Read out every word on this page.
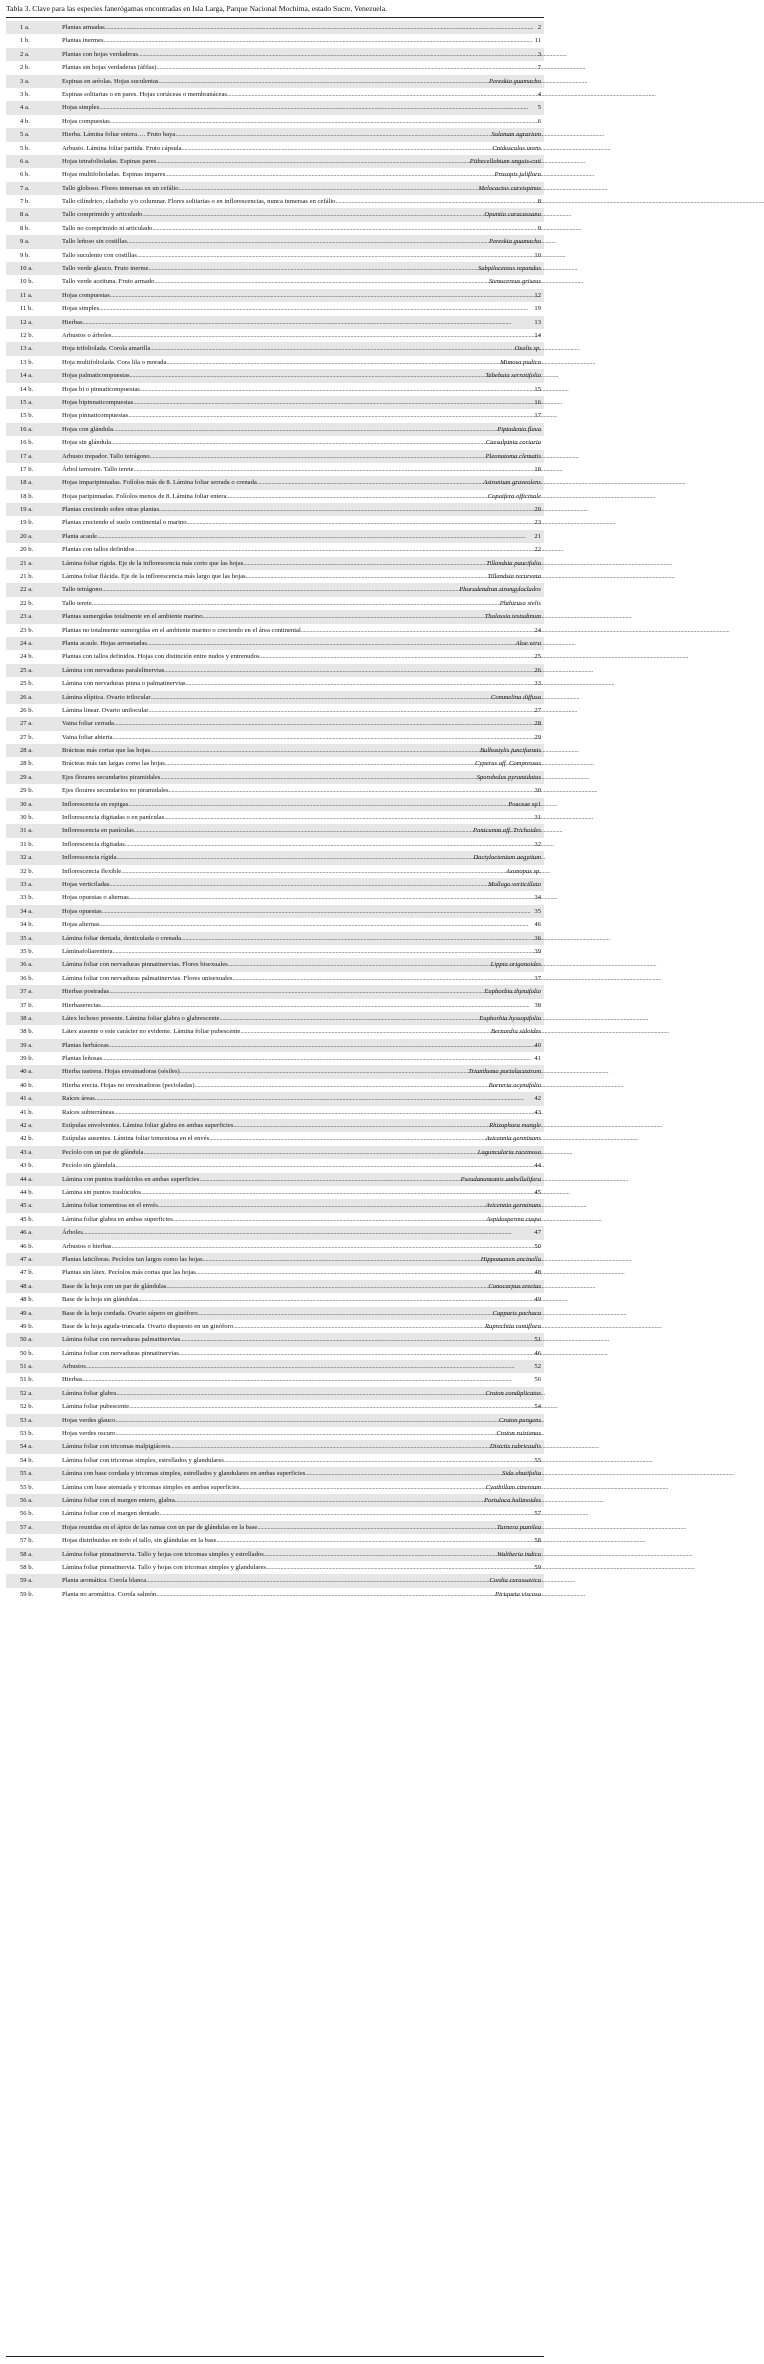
Tabla 3. Clave para las especies fanerógamas encontradas en Isla Larga, Parque Nacional Mochima, estado Sucre, Venezuela.
1 a.	Plantas armadas .....	2
1 b.	Plantas inermes .....	11
2 a.	Plantas con hojas verdaderas .....	3
2 b.	Plantas sin hojas verdaderas (áfilas) .....	7
3 a.	Espinas en aréolas. Hojas suculentas .....	Pereskia guamacho
3 b.	Espinas solitarias o en pares. Hojas coriáceas o membranáceas .....	4
4 a.	Hojas simples .....	5
4 b.	Hojas compuestas .....	6
5 a.	Hierba. Lámina foliar entera…. Fruto baya .....	Solanum agrarium
5 b.	Arbusto. Lámina foliar partida. Fruto cápsula .....	Cnidoscolus urens
6 a.	Hojas tetrafolioladas. Espinas pares .....	Pithecellobium unguis-cati
6 b.	Hojas multifolioladas. Espinas impares .....	Prosopis juliflora
7 a.	Tallo globoso. Flores inmersas en un cefálio .....	Melocactus curvispinus
7 b.	Tallo cilíndrico, cladodio y/o columnar. Flores solitarias o en inflorescencias, nunca inmersas en cefálio .....	8
8 a.	Tallo comprimido y articulado .....	Opuntia caracassana
8 b.	Tallo no comprimido ni articulado .....	9
9 a.	Tallo leñoso sin costillas .....	Pereskia guamacho
9 b.	Tallo suculento con costillas .....	10
10 a.	Tallo verde glauco. Fruto inerme .....	Subpilocereus repandus
10 b.	Tallo verde aceituna. Fruto armado .....	Stenocereus griseus
11 a.	Hojas compuestas .....	12
11 b.	Hojas simples .....	19
12 a.	Hierbas .....	13
12 b.	Arbustos o árboles .....	14
13 a.	Hoja trifoliolada. Corola amarilla .....	Oxalis sp.
13 b.	Hoja multifoliolada. Cora lila o morada .....	Mimosa pudica
14 a.	Hojas palmaticompuestas .....	Tabebuia serratifolia
14 b.	Hojas bi o pinnaticompuestas .....	15
15 a.	Hojas bipinnaticompuestas .....	16
15 b.	Hojas pinnaticompuestas .....	17
16 a.	Hojas con glándula .....	Piptadenia flava
16 b.	Hojas sin glándula .....	Caesalpinia coriaria
17 a.	Arbusto trepador. Tallo tetrágono .....	Pleonotoma clematis
17 b.	Árbol terrestre. Tallo terete .....	18
18 a.	Hojas imparipinnadas. Folíolos más de 8. Lámina foliar serrada o crenada .....	Astronium graveolens
18 b.	Hojas paripinnadas. Folíolos menos de 8. Lámina foliar entera .....	Copaifera officinale
19 a.	Plantas creciendo sobre otras plantas .....	20
19 b.	Plantas creciendo el suelo continental o marino .....	23
20 a.	Planta acaule .....	21
20 b.	Plantas con tallos definidos .....	22
21 a.	Lámina foliar rígida. Eje de la inflorescencia más corto que las hojas .....	Tillandsia paucifolia
21 b.	Lámina foliar flácida. Eje de la inflorescencia más largo que las hojas .....	Tillandsia recurvata
22 a.	Tallo tetrágono .....	Phoradendron strongyloclados
22 b.	Tallo terete .....	Phthirusa stelis
23 a.	Plantas sumergidas totalmente en el ambiente marino .....	Thalassia testudinum
23 b.	Plantas no totalmente sumergidas en el ambiente marino o creciendo en el área continental .....	24
24 a.	Planta acaule. Hojas arrosetadas .....	Aloe vera
24 b.	Plantas con tallos definidos. Hojas con distinción entre nudos y entrenudos .....	25
25 a.	Lámina con nervaduras paralelinervias .....	26
25 b.	Lámina con nervaduras pinna o palmatinervias .....	33
26 a.	Lámina elíptica. Ovario trilocular .....	Commelina diffusa
26 b.	Lámina linear. Ovario unilocular .....	27
27 a.	Vaina foliar cerrada .....	28
27 b.	Vaina foliar abierta .....	29
28 a.	Brácteas más cortas que las hojas .....	Bulbostylis junciformis
28 b.	Brácteas más tan largas como las hojas .....	Cyperus aff. Compressus
29 a.	Ejes florares secundarios piramidales .....	Sporobolus pyramidatus
29 b.	Ejes florares secundarios no piramidales .....	30
30 a.	Inflorescencia en espigas .....	Poaceae sp1
30 b.	Inflorescencia digitadas o en panículas .....	31
31 a.	Inflorescencia en panículas .....	Panicumm aff. Trichoides
31 b.	Inflorescencia digitadas .....	32
32 a.	Inflorescencia rígida .....	Dactyloctenium aegytium
32 b.	Inflorescencia flexible .....	Axonopus sp.
33 a.	Hojas verticiladas .....	Mollugo verticillata
33 b.	Hojas opuestas o alternas .....	34
34 a.	Hojas opuestas .....	35
34 b.	Hojas alternas .....	46
35 a.	Lámina foliar dentada, denticulada o crenada .....	36
35 b.	Láminafoliarentera .....	39
36 a.	Lámina foliar con nervaduras pinnatinervias. Flores bisexuales .....	Lippia origanoides
36 b.	Lámina foliar con nervaduras palmatinervias. Flores unisexuales .....	37
37 a.	Hierbas postradas .....	Euphorbia thymifolia
37 b.	Hierbaserectas .....	38
38 a.	Látex lechoso presente. Lámina foliar glabra o glabrescente .....	Euphorbia hyssopifolia
38 b.	Látex ausente o este carácter no evidente. Lámina foliar pubescente .....	Bernardia sidoides
39 a.	Plantas herbáceas .....	40
39 b.	Plantas leñosas .....	41
40 a.	Hierba rastrera. Hojas envainadoras (sésiles) .....	Trianthema portulacastrum
40 b.	Hierba erecta. Hojas no envainadoras (pecioladas) .....	Borreria ocymifolia
41 a.	Raíces áreas .....	42
41 b.	Raíces subterráneas .....	43
42 a.	Estípulas envolventes. Lámina foliar glabra en ambas superficies .....	Rhizophora mangle
42 b.	Estípulas ausentes. Lámina foliar tomentosa en el envés .....	Avicennia germinans
43 a.	Pecíolo con un par de glándula .....	Laguncularia racemosa
43 b.	Pecíolo sin glándula .....	44
44 a.	Lámina con puntos traslúcidos en ambas superficies .....	Pseudanamomis umbellulifera
44 b.	Lámina sin puntos traslúcidos .....	45
45 a.	Lámina foliar tomentosa en el envés .....	Avicennia germinans
45 b.	Lámina foliar glabra en ambas superficies .....	Aspidosperma cuspa
46 a.	Árboles .....	47
46 b.	Arbustos o hierbas .....	50
47 a.	Plantas laticíferas. Pecíolos tan largos como las hojas .....	Hippomanen ancinella
47 b.	Plantas sin látex. Pecíolos más cortas que las hojas .....	48
48 a.	Base de la hoja con un par de glándulas .....	Conocarpus erectus
48 b.	Base de la hoja sin glándulas .....	49
49 a.	Base de la hoja cordada. Ovario súpero en ginóforo .....	Capparis pachaca
49 b.	Base de la hoja aguda-truncada. Ovario dispuesto en un ginóforo .....	Ruprechtia ramiflora
50 a.	Lámina foliar con nervaduras palmatinervias .....	51
50 b.	Lámina foliar con nervaduras pinnatinervias .....	46
51 a.	Arbustos .....	52
51 b.	Hierbas .....	56
52 a.	Lámina foliar glabra .....	Croton condiplicatus
52 b.	Lámina foliar pubescente .....	54
53 a.	Hojas verdes glauco .....	Croton pungens
53 b.	Hojas verdes oscuro .....	Croton ruizianus
54 a.	Lámina foliar con tricomas malpigiáceos .....	Distctis rubricaulis
54 b.	Lámina foliar con tricomas simples, estrellados y glandulares .....	55
55 a.	Lámina con base cordada y tricomas simples, estrellados y glandulares en ambas superficies .....	Sida abutifolia
55 b.	Lámina con base atenuada y tricomas simples en ambas superficies .....	Cyathillum cinereum
56 a.	Lámina foliar con el margen entero, glabra .....	Portulaca halimoides
56 b.	Lámina foliar con el margen dentado .....	57
57 a.	Hojas reunidas en el ápice de las ramas con un par de glándulas en la base .....	Turnera pumilea
57 b.	Hojas distribuidas en todo el tallo, sin glándulas en la base .....	58
58 a.	Lámina foliar pinnatinervia. Tallo y hojas con tricomas simples y estrellados .....	Waltheria indica
58 b.	Lámina foliar pinnatinervia. Tallo y hojas con tricomas simples y glandulares .....	59
59 a.	Planta aromática. Corola blanca .....	Cordia curassavica
59 b.	Planta no aromática. Corola salmón .....	Piriqueta viscosa
